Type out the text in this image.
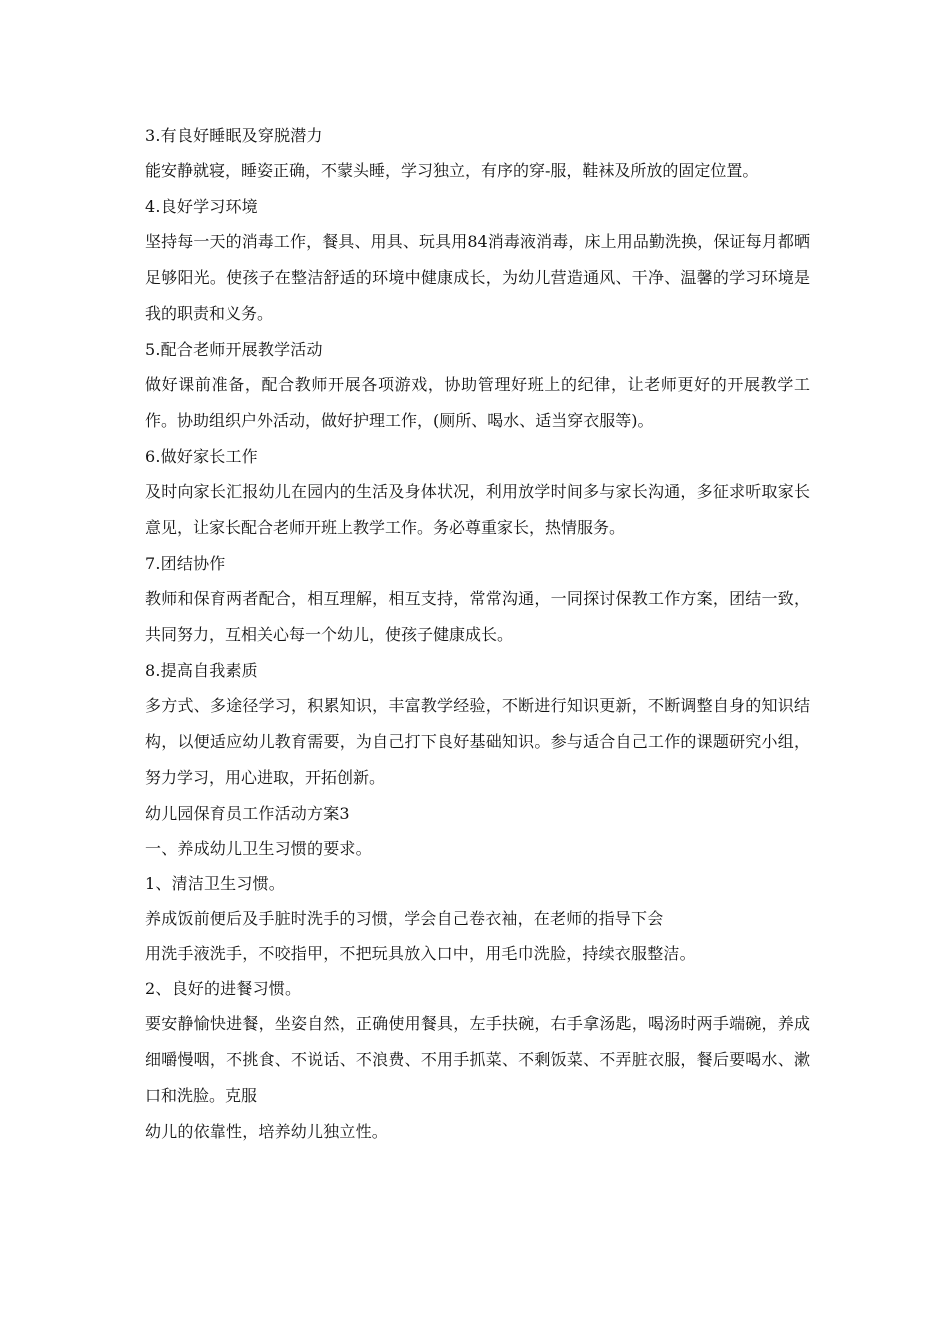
3.有良好睡眠及穿脱潜力

能安静就寝，睡姿正确，不蒙头睡，学习独立，有序的穿-服，鞋袜及所放的固定位置。

4.良好学习环境

坚持每一天的消毒工作，餐具、用具、玩具用84消毒液消毒，床上用品勤洗换，保证每月都晒足够阳光。使孩子在整洁舒适的环境中健康成长，为幼儿营造通风、干净、温馨的学习环境是我的职责和义务。

5.配合老师开展教学活动

做好课前准备，配合教师开展各项游戏，协助管理好班上的纪律，让老师更好的开展教学工作。协助组织户外活动，做好护理工作，(厕所、喝水、适当穿衣服等)。

6.做好家长工作

及时向家长汇报幼儿在园内的生活及身体状况，利用放学时间多与家长沟通，多征求听取家长意见，让家长配合老师开班上教学工作。务必尊重家长，热情服务。

7.团结协作

教师和保育两者配合，相互理解，相互支持，常常沟通，一同探讨保教工作方案，团结一致，共同努力，互相关心每一个幼儿，使孩子健康成长。

8.提高自我素质

多方式、多途径学习，积累知识，丰富教学经验，不断进行知识更新，不断调整自身的知识结构，以便适应幼儿教育需要，为自己打下良好基础知识。参与适合自己工作的课题研究小组，努力学习，用心进取，开拓创新。

幼儿园保育员工作活动方案3

一、养成幼儿卫生习惯的要求。

1、清洁卫生习惯。

养成饭前便后及手脏时洗手的习惯，学会自己卷衣袖，在老师的指导下会

用洗手液洗手，不咬指甲，不把玩具放入口中，用毛巾洗脸，持续衣服整洁。

2、良好的进餐习惯。

要安静愉快进餐，坐姿自然，正确使用餐具，左手扶碗，右手拿汤匙，喝汤时两手端碗，养成细嚼慢咽，不挑食、不说话、不浪费、不用手抓菜、不剩饭菜、不弄脏衣服，餐后要喝水、漱口和洗脸。克服

幼儿的依靠性，培养幼儿独立性。
